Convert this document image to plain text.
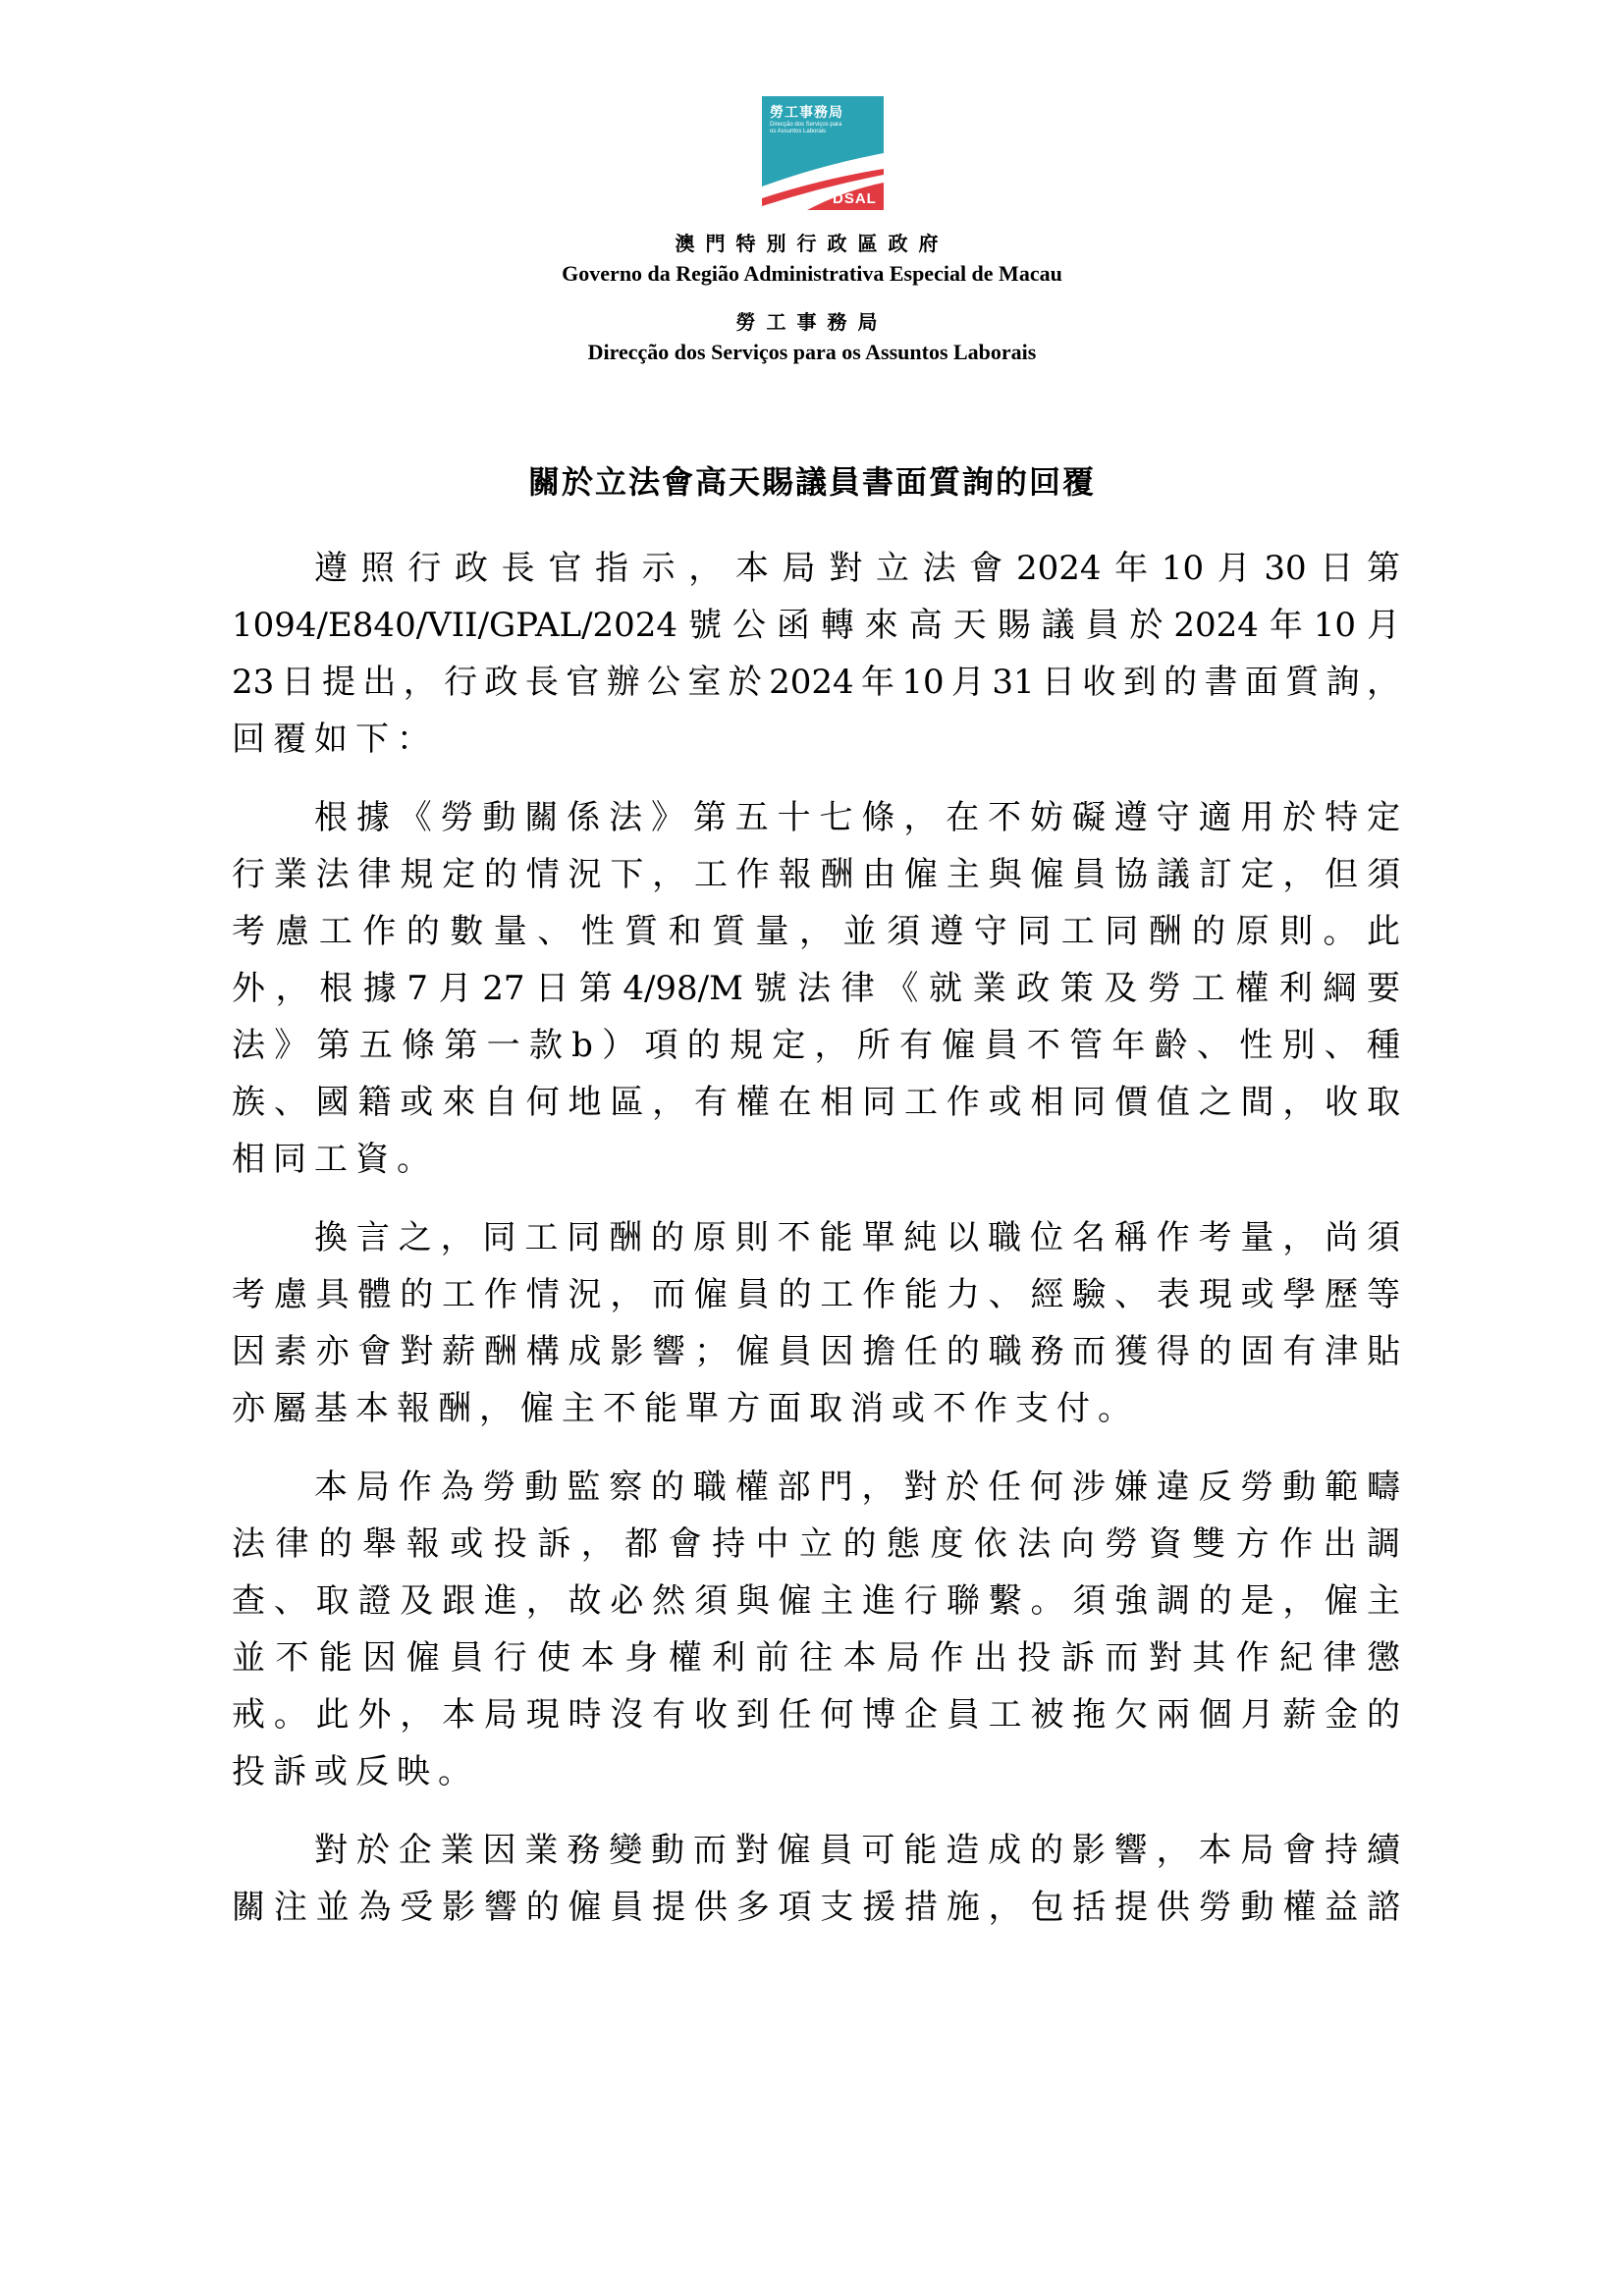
勞工事務局
Direcção dos Serviços para os Assuntos Laborais
DSAL
澳門特別行政區政府
Governo da Região Administrativa Especial de Macau
勞工事務局
Direcção dos Serviços para os Assuntos Laborais
關於立法會高天賜議員書面質詢的回覆
遵照行政長官指示，本局對立法會2024年10月30日第
1094/E840/VII/GPAL/2024號公函轉來高天賜議員於2024年10月
23日提出，行政長官辦公室於2024年10月31日收到的書面質詢，
回覆如下：
根據《勞動關係法》第五十七條，在不妨礙遵守適用於特定
行業法律規定的情況下，工作報酬由僱主與僱員協議訂定，但須
考慮工作的數量、性質和質量，並須遵守同工同酬的原則。此
外，根據7月27日第4/98/M號法律《就業政策及勞工權利綱要
法》第五條第一款b）項的規定，所有僱員不管年齡、性別、種
族、國籍或來自何地區，有權在相同工作或相同價值之間，收取
相同工資。
換言之，同工同酬的原則不能單純以職位名稱作考量，尚須
考慮具體的工作情況，而僱員的工作能力、經驗、表現或學歷等
因素亦會對薪酬構成影響；僱員因擔任的職務而獲得的固有津貼
亦屬基本報酬，僱主不能單方面取消或不作支付。
本局作為勞動監察的職權部門，對於任何涉嫌違反勞動範疇
法律的舉報或投訴，都會持中立的態度依法向勞資雙方作出調
查、取證及跟進，故必然須與僱主進行聯繫。須強調的是，僱主
並不能因僱員行使本身權利前往本局作出投訴而對其作紀律懲
戒。此外，本局現時沒有收到任何博企員工被拖欠兩個月薪金的
投訴或反映。
對於企業因業務變動而對僱員可能造成的影響，本局會持續
關注並為受影響的僱員提供多項支援措施，包括提供勞動權益諮
